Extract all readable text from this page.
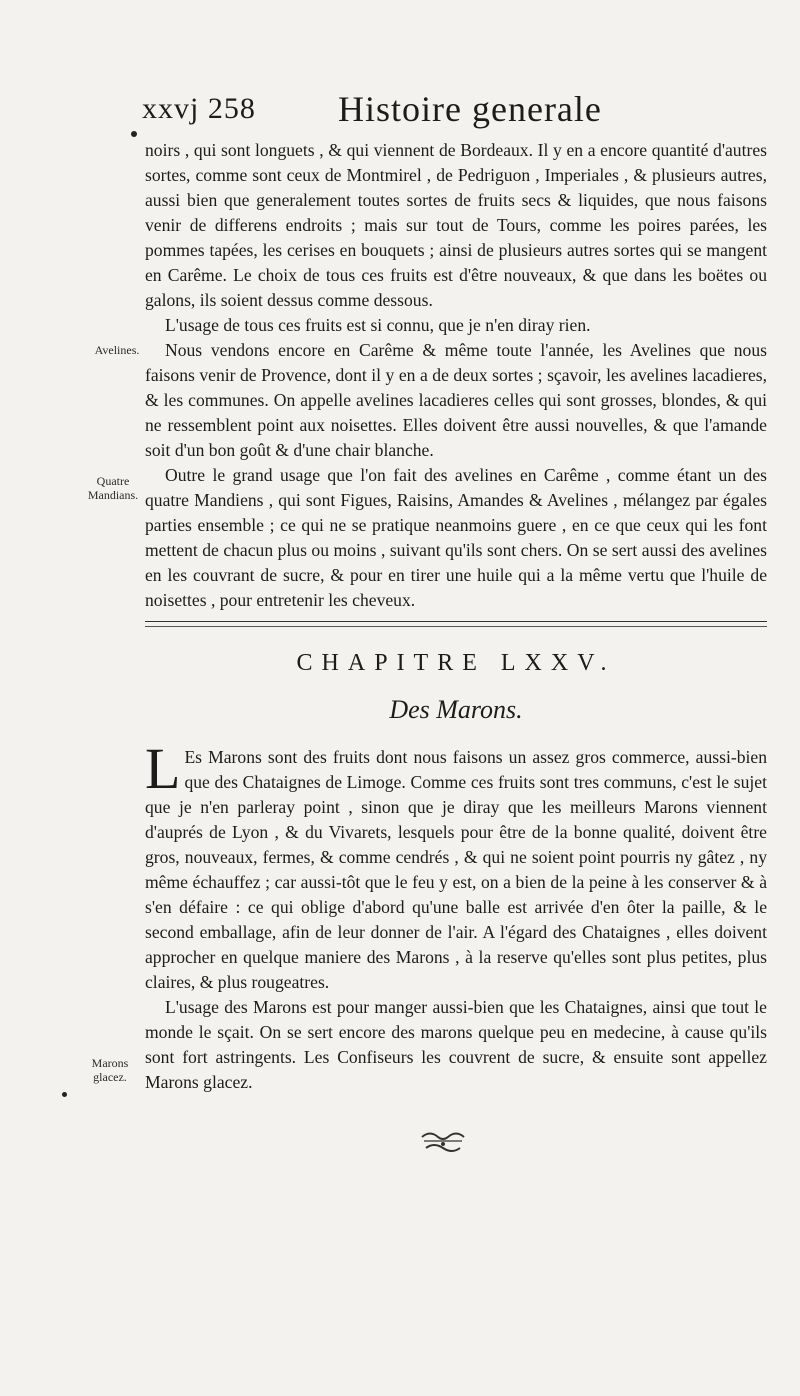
xxvj 258 Histoire generale

noirs , qui sont longuets , & qui viennent de Bordeaux. Il y en a encore quantité d'autres sortes, comme sont ceux de Montmirel , de Pedriguon , Imperiales , & plusieurs autres, aussi bien que generalement toutes sortes de fruits secs & liquides, que nous faisons venir de differens endroits ; mais sur tout de Tours, comme les poires parées, les pommes tapées, les cerises en bouquets ; ainsi de plusieurs autres sortes qui se mangent en Carême. Le choix de tous ces fruits est d'être nouveaux, & que dans les boëtes ou galons, ils soient dessus comme dessous.

L'usage de tous ces fruits est si connu, que je n'en diray rien.

Nous vendons encore en Carême & même toute l'année, les Avelines que nous faisons venir de Provence, dont il y en a de deux sortes ; sçavoir, les avelines lacadieres, & les communes. On appelle avelines lacadieres celles qui sont grosses, blondes, & qui ne ressemblent point aux noisettes. Elles doivent être aussi nouvelles, & que l'amande soit d'un bon goût & d'une chair blanche.

Outre le grand usage que l'on fait des avelines en Carême , comme étant un des quatre Mandiens , qui sont Figues, Raisins, Amandes & Avelines , mélangez par égales parties ensemble ; ce qui ne se pratique neanmoins guere , en ce que ceux qui les font mettent de chacun plus ou moins , suivant qu'ils sont chers. On se sert aussi des avelines en les couvrant de sucre, & pour en tirer une huile qui a la même vertu que l'huile de noisettes , pour entretenir les cheveux.

Avelines.
Quatre Mandians.
CHAPITRE LXXV.
Des Marons.

L Es Marons sont des fruits dont nous faisons un assez gros commerce, aussi-bien que des Chataignes de Limoge. Comme ces fruits sont tres communs, c'est le sujet que je n'en parleray point , sinon que je diray que les meilleurs Marons viennent d'auprés de Lyon , & du Vivarets, lesquels pour être de la bonne qualité, doivent être gros, nouveaux, fermes, & comme cendrés , & qui ne soient point pourris ny gâtez , ny même échauffez ; car aussi-tôt que le feu y est, on a bien de la peine à les conserver & à s'en défaire : ce qui oblige d'abord qu'une balle est arrivée d'en ôter la paille, & le second emballage, afin de leur donner de l'air. A l'égard des Chataignes , elles doivent approcher en quelque maniere des Marons , à la reserve qu'elles sont plus petites, plus claires, & plus rougeatres.

L'usage des Marons est pour manger aussi-bien que les Chataignes, ainsi que tout le monde le sçait. On se sert encore des marons quelque peu en medecine, à cause qu'ils sont fort astringents. Les Confiseurs les couvrent de sucre, & ensuite sont appellez Marons glacez.

Marons glacez.
